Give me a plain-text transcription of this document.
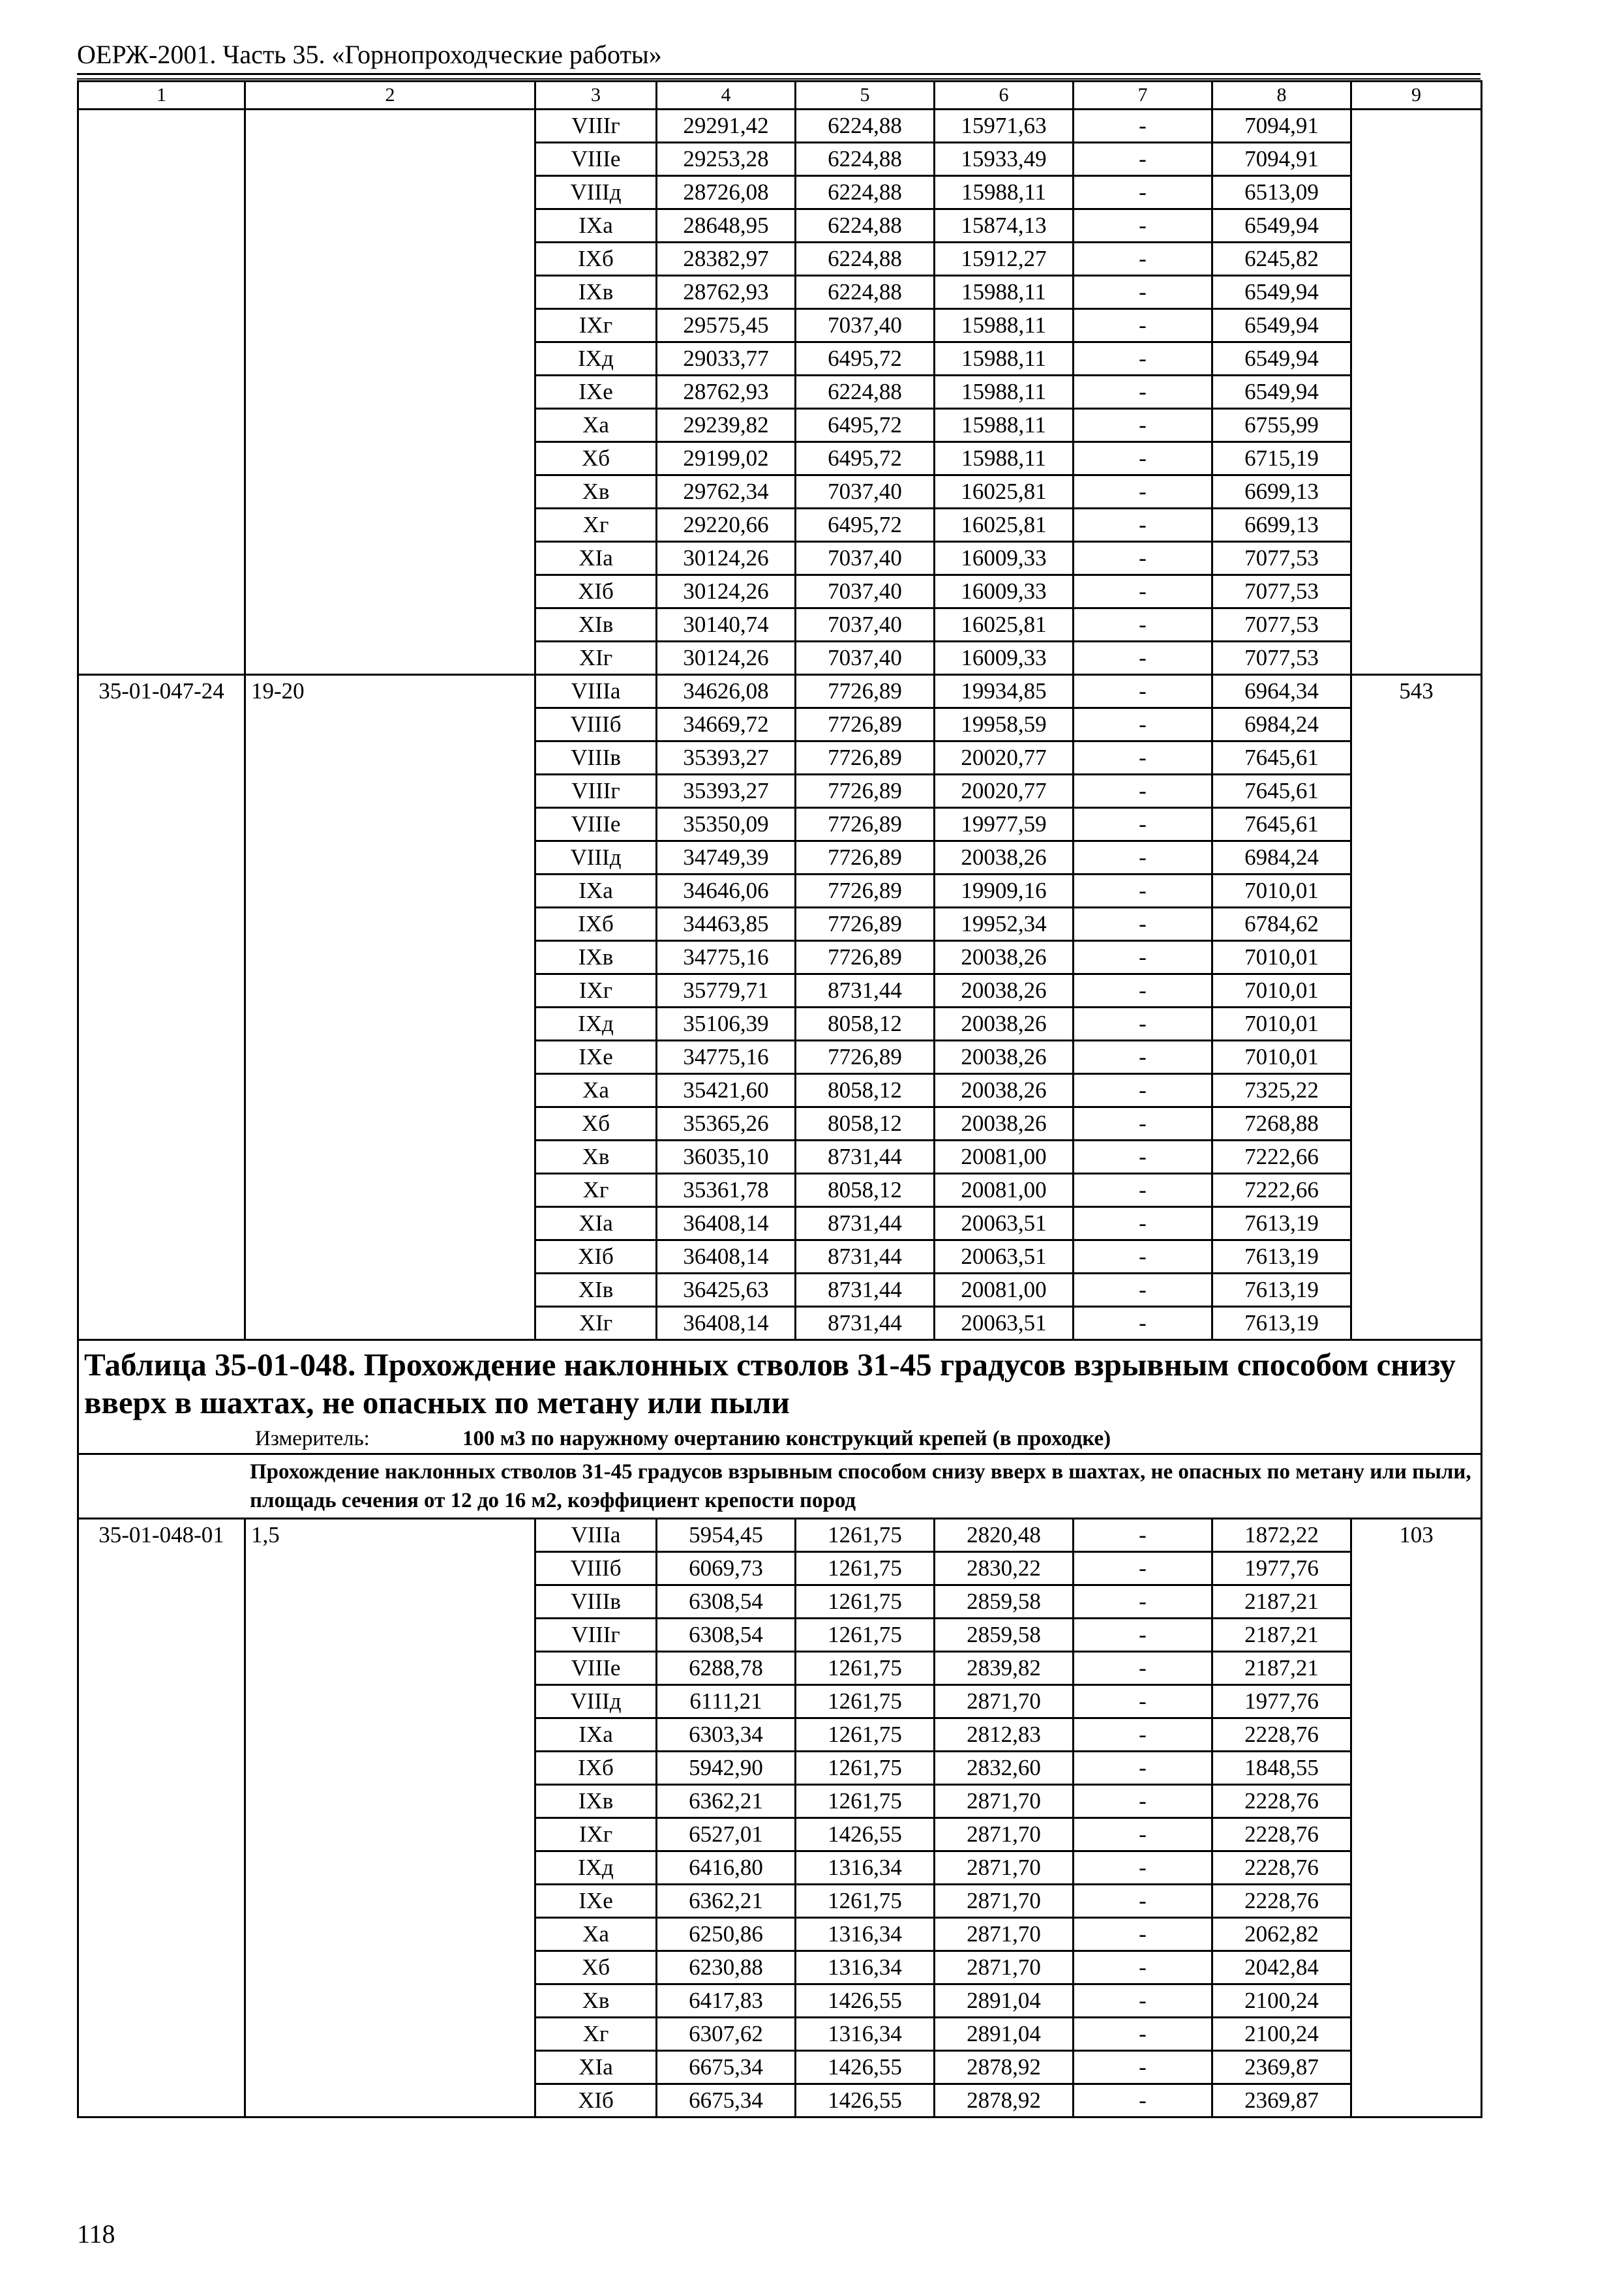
ОЕРЖ-2001. Часть 35. «Горнопроходческие работы»
1	2	3	4	5	6	7	8	9
		VIIIг	29291,42	6224,88	15971,63	-	7094,91	
		VIIIе	29253,28	6224,88	15933,49	-	7094,91	
		VIIIд	28726,08	6224,88	15988,11	-	6513,09	
		IXа	28648,95	6224,88	15874,13	-	6549,94	
		IXб	28382,97	6224,88	15912,27	-	6245,82	
		IXв	28762,93	6224,88	15988,11	-	6549,94	
		IXг	29575,45	7037,40	15988,11	-	6549,94	
		IXд	29033,77	6495,72	15988,11	-	6549,94	
		IXе	28762,93	6224,88	15988,11	-	6549,94	
		Xа	29239,82	6495,72	15988,11	-	6755,99	
		Xб	29199,02	6495,72	15988,11	-	6715,19	
		Xв	29762,34	7037,40	16025,81	-	6699,13	
		Xг	29220,66	6495,72	16025,81	-	6699,13	
		XIа	30124,26	7037,40	16009,33	-	7077,53	
		XIб	30124,26	7037,40	16009,33	-	7077,53	
		XIв	30140,74	7037,40	16025,81	-	7077,53	
		XIг	30124,26	7037,40	16009,33	-	7077,53	
35-01-047-24	19-20	VIIIа	34626,08	7726,89	19934,85	-	6964,34	543
		VIIIб	34669,72	7726,89	19958,59	-	6984,24	
		VIIIв	35393,27	7726,89	20020,77	-	7645,61	
		VIIIг	35393,27	7726,89	20020,77	-	7645,61	
		VIIIе	35350,09	7726,89	19977,59	-	7645,61	
		VIIIд	34749,39	7726,89	20038,26	-	6984,24	
		IXа	34646,06	7726,89	19909,16	-	7010,01	
		IXб	34463,85	7726,89	19952,34	-	6784,62	
		IXв	34775,16	7726,89	20038,26	-	7010,01	
		IXг	35779,71	8731,44	20038,26	-	7010,01	
		IXд	35106,39	8058,12	20038,26	-	7010,01	
		IXе	34775,16	7726,89	20038,26	-	7010,01	
		Xа	35421,60	8058,12	20038,26	-	7325,22	
		Xб	35365,26	8058,12	20038,26	-	7268,88	
		Xв	36035,10	8731,44	20081,00	-	7222,66	
		Xг	35361,78	8058,12	20081,00	-	7222,66	
		XIа	36408,14	8731,44	20063,51	-	7613,19	
		XIб	36408,14	8731,44	20063,51	-	7613,19	
		XIв	36425,63	8731,44	20081,00	-	7613,19	
		XIг	36408,14	8731,44	20063,51	-	7613,19	

Таблица 35-01-048. Прохождение наклонных стволов 31-45 градусов взрывным способом снизу вверх в шахтах, не опасных по метану или пыли
Измеритель: 100 м3 по наружному очертанию конструкций крепей (в проходке)								

Прохождение наклонных стволов 31-45 градусов взрывным способом снизу вверх в шахтах, не опасных по метану или пыли, площадь сечения от 12 до 16 м2, коэффициент крепости пород								
35-01-048-01	1,5	VIIIа	5954,45	1261,75	2820,48	-	1872,22	103
		VIIIб	6069,73	1261,75	2830,22	-	1977,76	
		VIIIв	6308,54	1261,75	2859,58	-	2187,21	
		VIIIг	6308,54	1261,75	2859,58	-	2187,21	
		VIIIе	6288,78	1261,75	2839,82	-	2187,21	
		VIIIд	6111,21	1261,75	2871,70	-	1977,76	
		IXа	6303,34	1261,75	2812,83	-	2228,76	
		IXб	5942,90	1261,75	2832,60	-	1848,55	
		IXв	6362,21	1261,75	2871,70	-	2228,76	
		IXг	6527,01	1426,55	2871,70	-	2228,76	
		IXд	6416,80	1316,34	2871,70	-	2228,76	
		IXе	6362,21	1261,75	2871,70	-	2228,76	
		Xа	6250,86	1316,34	2871,70	-	2062,82	
		Xб	6230,88	1316,34	2871,70	-	2042,84	
		Xв	6417,83	1426,55	2891,04	-	2100,24	
		Xг	6307,62	1316,34	2891,04	-	2100,24	
		XIа	6675,34	1426,55	2878,92	-	2369,87	
		XIб	6675,34	1426,55	2878,92	-	2369,87	
118
